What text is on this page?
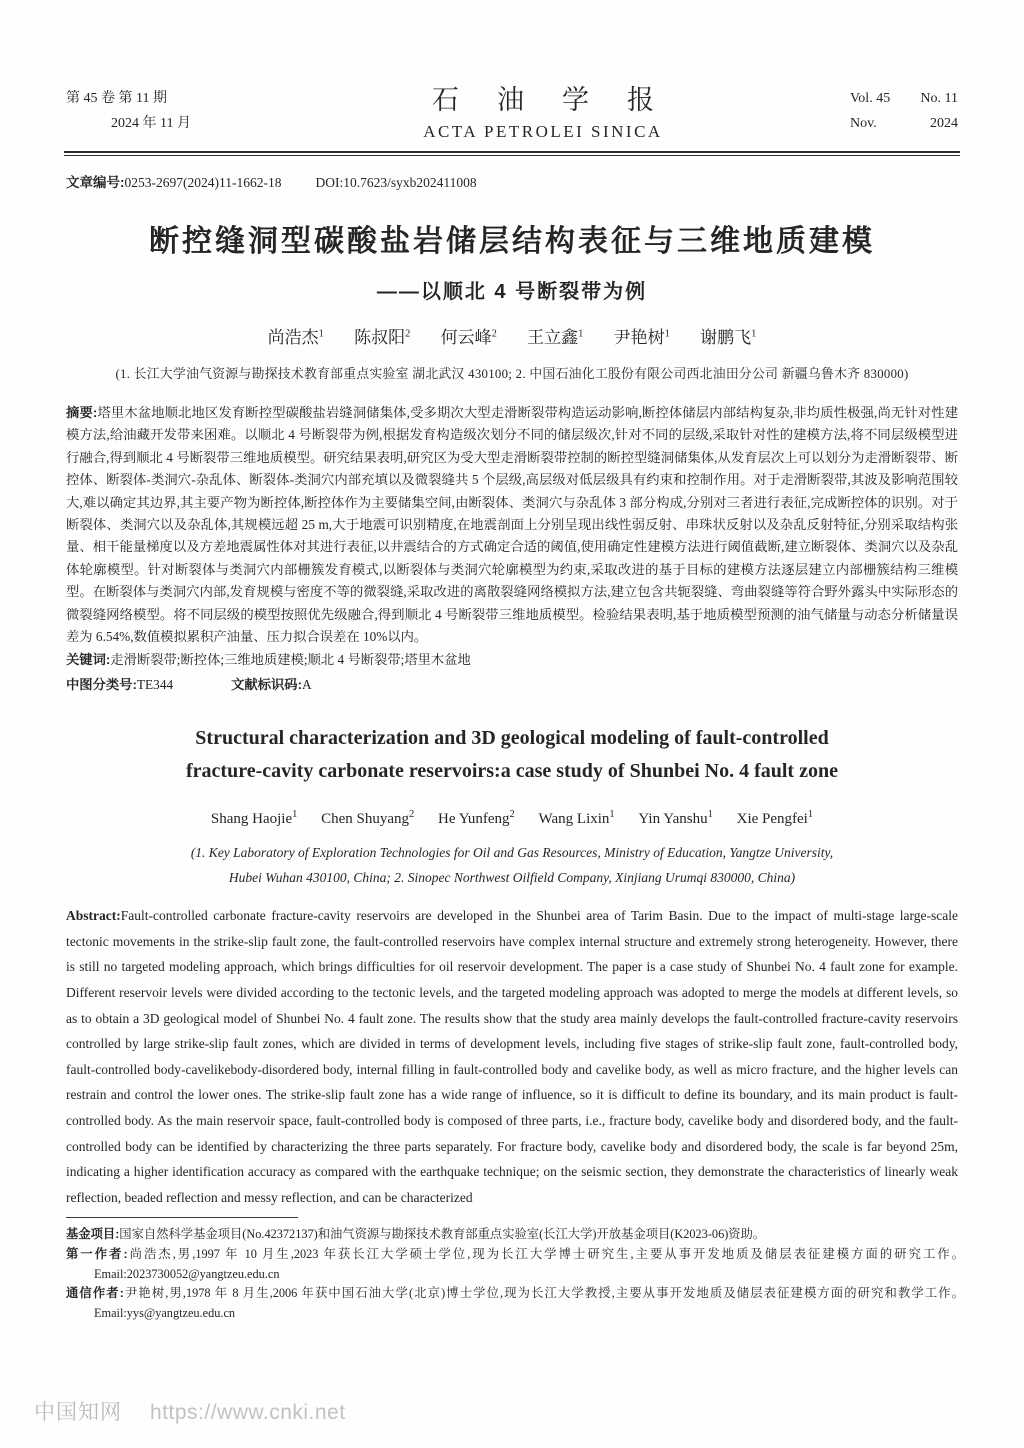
第 45 卷 第 11 期
2024 年 11 月
石油学报
ACTA PETROLEI SINICA
Vol. 45 No. 11
Nov.	2024
文章编号:0253-2697(2024)11-1662-18	DOI:10.7623/syxb202411008
断控缝洞型碳酸盐岩储层结构表征与三维地质建模
——以顺北 4 号断裂带为例
尚浩杰$^1$ 陈叔阳$^2$ 何云峰$^2$ 王立鑫$^1$ 尹艳树$^1$ 谢鹏飞$^1$
(1. 长江大学油气资源与勘探技术教育部重点实验室 湖北武汉 430100; 2. 中国石油化工股份有限公司西北油田分公司 新疆乌鲁木齐 830000)

摘要:塔里木盆地顺北地区发育断控型碳酸盐岩缝洞储集体,受多期次大型走滑断裂带构造运动影响,断控体储层内部结构复杂,非均质性极强,尚无针对性建模方法,给油藏开发带来困难。以顺北 4 号断裂带为例,根据发育构造级次划分不同的储层级次,针对不同的层级,采取针对性的建模方法,将不同层级模型进行融合,得到顺北 4 号断裂带三维地质模型。研究结果表明,研究区为受大型走滑断裂带控制的断控型缝洞储集体,从发育层次上可以划分为走滑断裂带、断控体、断裂体-类洞穴-杂乱体、断裂体-类洞穴内部充填以及微裂缝共 5 个层级,高层级对低层级具有约束和控制作用。对于走滑断裂带,其波及影响范围较大,难以确定其边界,其主要产物为断控体,断控体作为主要储集空间,由断裂体、类洞穴与杂乱体 3 部分构成,分别对三者进行表征,完成断控体的识别。对于断裂体、类洞穴以及杂乱体,其规模远超 25 m,大于地震可识别精度,在地震剖面上分别呈现出线性弱反射、串珠状反射以及杂乱反射特征,分别采取结构张量、相干能量梯度以及方差地震属性体对其进行表征,以井震结合的方式确定合适的阈值,使用确定性建模方法进行阈值截断,建立断裂体、类洞穴以及杂乱体轮廓模型。针对断裂体与类洞穴内部栅簇发育模式,以断裂体与类洞穴轮廓模型为约束,采取改进的基于目标的建模方法逐层建立内部栅簇结构三维模型。在断裂体与类洞穴内部,发育规模与密度不等的微裂缝,采取改进的离散裂缝网络模拟方法,建立包含共轭裂缝、弯曲裂缝等符合野外露头中实际形态的微裂缝网络模型。将不同层级的模型按照优先级融合,得到顺北 4 号断裂带三维地质模型。检验结果表明,基于地质模型预测的油气储量与动态分析储量误差为 6.54%,数值模拟累积产油量、压力拟合误差在 10%以内。

关键词:走滑断裂带;断控体;三维地质建模;顺北 4 号断裂带;塔里木盆地

中图分类号:TE344	文献标识码:A

Structural characterization and 3D geological modeling of fault-controlled
fracture-cavity carbonate reservoirs:a case study of Shunbei No. 4 fault zone
Shang Haojie$^1$ Chen Shuyang$^2$ He Yunfeng$^2$ Wang Lixin$^1$ Yin Yanshu$^1$ Xie Pengfei$^1$
(1. Key Laboratory of Exploration Technologies for Oil and Gas Resources, Ministry of Education, Yangtze University,
Hubei Wuhan 430100, China; 2. Sinopec Northwest Oilfield Company, Xinjiang Urumqi 830000, China)

Abstract:Fault-controlled carbonate fracture-cavity reservoirs are developed in the Shunbei area of Tarim Basin. Due to the impact of multi-stage large-scale tectonic movements in the strike-slip fault zone, the fault-controlled reservoirs have complex internal structure and extremely strong heterogeneity. However, there is still no targeted modeling approach, which brings difficulties for oil reservoir development. The paper is a case study of Shunbei No. 4 fault zone for example. Different reservoir levels were divided according to the tectonic levels, and the targeted modeling approach was adopted to merge the models at different levels, so as to obtain a 3D geological model of Shunbei No. 4 fault zone. The results show that the study area mainly develops the fault-controlled fracture-cavity reservoirs controlled by large strike-slip fault zones, which are divided in terms of development levels, including five stages of strike-slip fault zone, fault-controlled body, fault-controlled body-cavelikebody-disordered body, internal filling in fault-controlled body and cavelike body, as well as micro fracture, and the higher levels can restrain and control the lower ones. The strike-slip fault zone has a wide range of influence, so it is difficult to define its boundary, and its main product is fault-controlled body. As the main reservoir space, fault-controlled body is composed of three parts, i.e., fracture body, cavelike body and disordered body, and the fault-controlled body can be identified by characterizing the three parts separately. For fracture body, cavelike body and disordered body, the scale is far beyond 25m, indicating a higher identification accuracy as compared with the earthquake technique; on the seismic section, they demonstrate the characteristics of linearly weak reflection, beaded reflection and messy reflection, and can be characterized

基金项目:国家自然科学基金项目(No.42372137)和油气资源与勘探技术教育部重点实验室(长江大学)开放基金项目(K2023-06)资助。

第一作者:尚浩杰,男,1997 年 10 月生,2023 年获长江大学硕士学位,现为长江大学博士研究生,主要从事开发地质及储层表征建模方面的研究工作。Email:2023730052@yangtzeu.edu.cn

通信作者:尹艳树,男,1978 年 8 月生,2006 年获中国石油大学(北京)博士学位,现为长江大学教授,主要从事开发地质及储层表征建模方面的研究和教学工作。Email:yys@yangtzeu.edu.cn

中国知网 https://www.cnki.net
